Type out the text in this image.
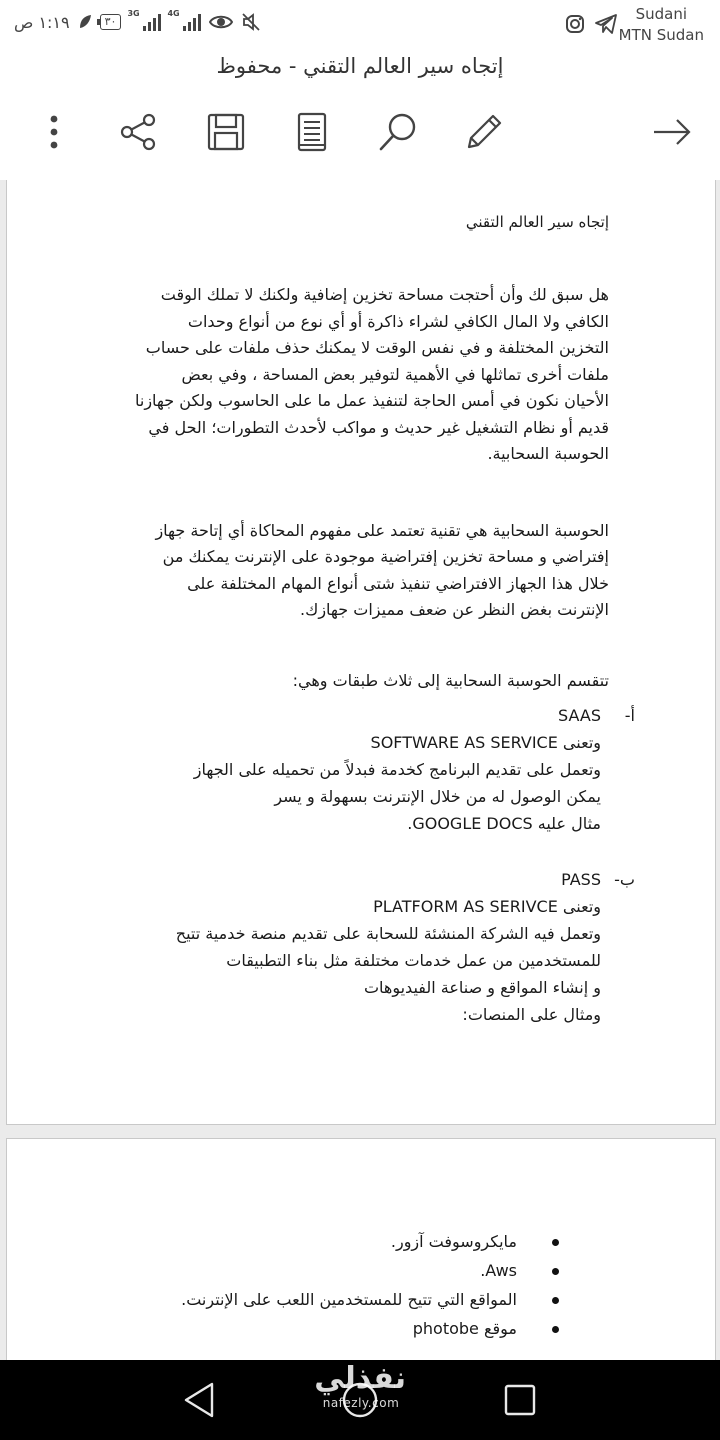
١:١٩ ص	٣٠
3G	4G	Sudani
MTN Sudan
إتجاه سير العالم التقني - محفوظ

إتجاه سير العالم التقني

هل سبق لك وأن أحتجت مساحة تخزين إضافية ولكنك لا تملك الوقت
الكافي ولا المال الكافي لشراء ذاكرة أو أي نوع من أنواع وحدات
التخزين المختلفة و في نفس الوقت لا يمكنك حذف ملفات على حساب
ملفات أخرى تماثلها في الأهمية لتوفير بعض المساحة ، وفي بعض
الأحيان نكون في أمس الحاجة لتنفيذ عمل ما على الحاسوب ولكن جهازنا
قديم أو نظام التشغيل غير حديث و مواكب لأحدث التطورات؛ الحل في
الحوسبة السحابية.
الحوسبة السحابية هي تقنية تعتمد على مفهوم المحاكاة أي إتاحة جهاز
إفتراضي و مساحة تخزين إفتراضية موجودة على الإنترنت يمكنك من
خلال هذا الجهاز الافتراضي تنفيذ شتى أنواع المهام المختلفة على
الإنترنت بغض النظر عن ضعف مميزات جهازك.
تتقسم الحوسبة السحابية إلى ثلاث طبقات وهي:
أ-
SAAS
وتعنى SOFTWARE AS SERVICE
وتعمل على تقديم البرنامج كخدمة فبدلاً من تحميله على الجهاز
يمكن الوصول له من خلال الإنترنت بسهولة و يسر
مثال عليه GOOGLE DOCS.
ب-
PASS
وتعنى PLATFORM AS SERIVCE
وتعمل فيه الشركة المنشئة للسحابة على تقديم منصة خدمية تتيح
للمستخدمين من عمل خدمات مختلفة مثل بناء التطبيقات
و إنشاء المواقع و صناعة الفيديوهات
ومثال على المنصات:
مايكروسوفت آزور.
Aws.
المواقع التي تتيح للمستخدمين اللعب على الإنترنت.
موقع photobe
نفذلي
nafezly.com
